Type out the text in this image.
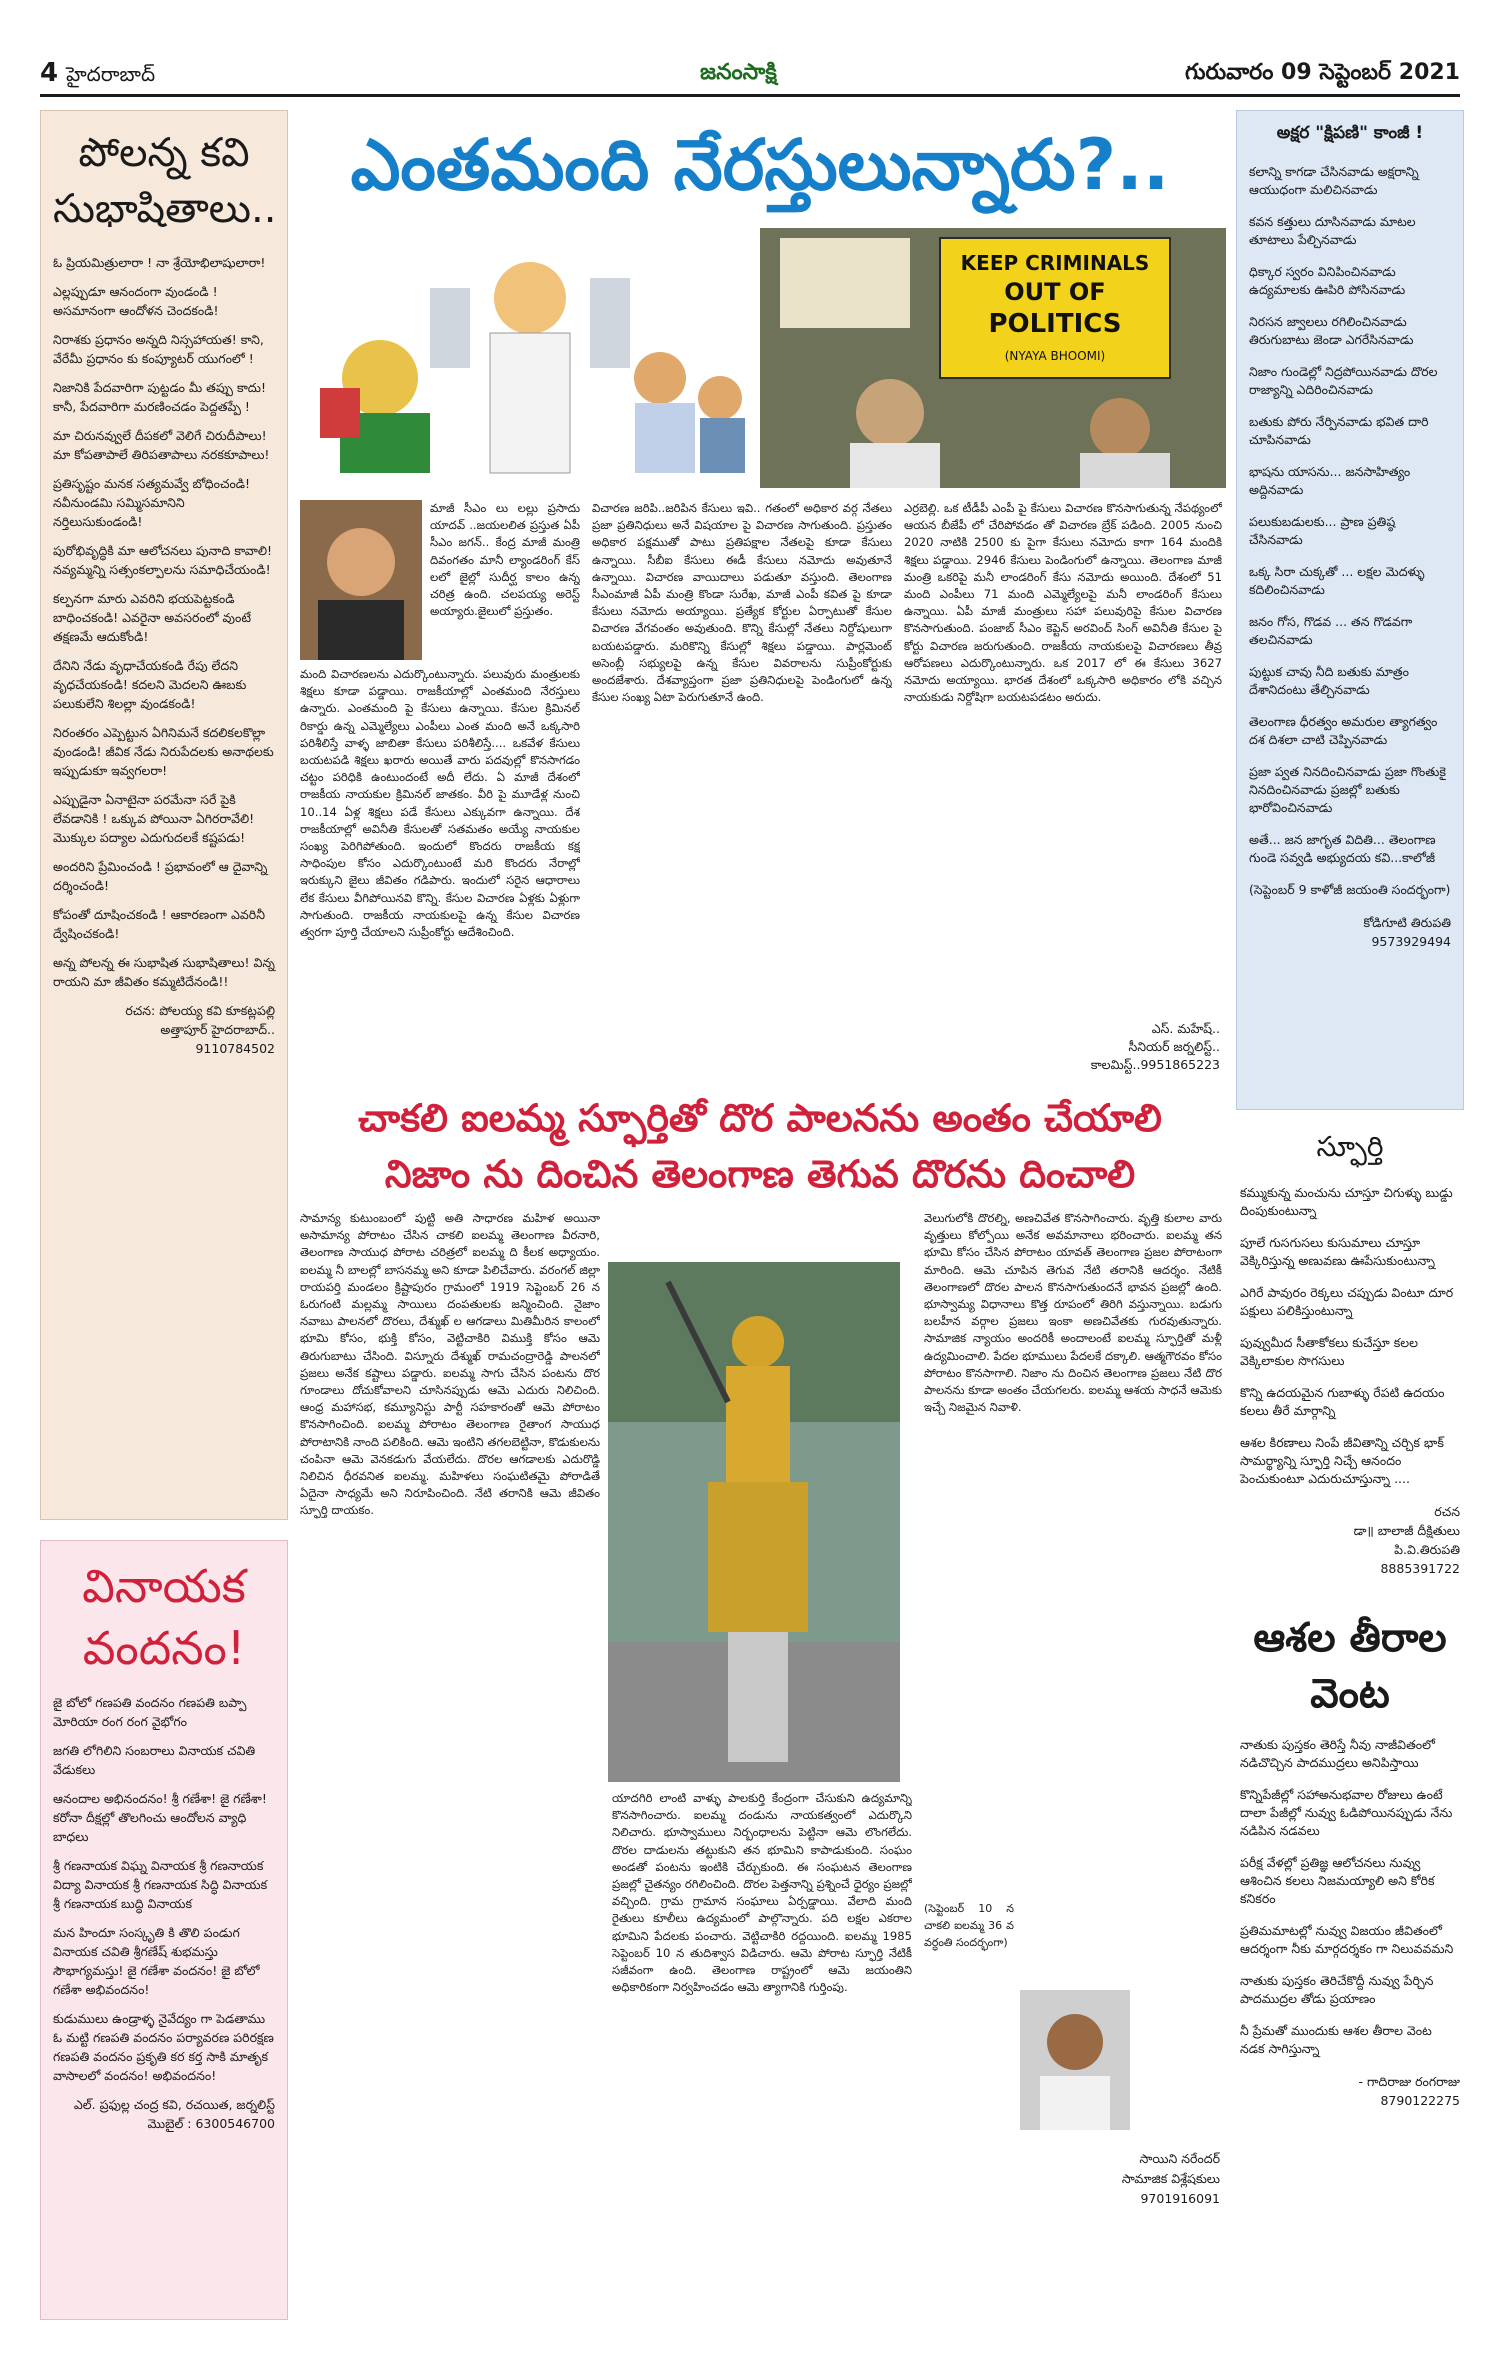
4 హైదరాబాద్	జనంసాక్షి	గురువారం 09 సెప్టెంబర్ 2021
పోలన్న కవి సుభాషితాలు..

ఓ ప్రియమిత్రులారా ! నా శ్రేయోభిలాషులారా!

ఎల్లప్పుడూ ఆనందంగా వుండండి ! అసమానంగా ఆందోళన చెందకండి!

నిరాశకు ప్రధానం అన్నది నిస్సహాయత! కాని, వేరేమీ ప్రధానం కు కంప్యూటర్ యుగంలో !

నిజానికి పేదవారిగా పుట్టడం మీ తప్పు కాదు! కానీ, పేదవారిగా మరణించడం పెద్దతప్పే !

మా చిరునవ్వులే దీపకలో వెలిగే చిరుదీపాలు! మా కోపతాపాలే తిరిపతాపాలు నరకకూపాలు!

ప్రతిసృష్టం మనక సత్యమవ్వే బోధించండి! నవీనుండమి సమ్మిసమానిని నర్తిలుసుకుండండి!

పురోభివృద్ధికి మా ఆలోచనలు పునాది కావాలి! నవ్యమ్మన్ని సత్సంకల్పాలను సమాధిచేయండి!

కల్పనగా మారు ఎవరిని భయపెట్టకండి బాధించకండి! ఎవరైనా అవసరంలో వుంటే తక్షణమే ఆదుకోండి!

దేనిని నేడు వృధాచేయకండి రేపు లేదని వృధచేయకండి! కదలని మెదలని ఊబకు పలుకులేని శిలల్లా వుండకండి!

నిరంతరం ఎప్పెట్టున ఏగినిమనే కదలికలకొల్లా వుండండి! జీవిక నేడు నిరుపేదలకు అనాథలకు ఇప్పుడుకూ ఇవ్వగలరా!

ఎప్పుడైనా ఏనాటైనా పరమేనా సరే పైకి లేవడానికి ! ఒక్కువ పోయినా ఏగిరరావేలి! మొక్కుల పద్యాల ఎదుగుదలకే కష్టపడు!

అందరిని ప్రేమించండి ! ప్రభావంలో ఆ దైవాన్ని దర్శించండి!

కోపంతో దూషించకండి ! ఆకారణంగా ఎవరినీ ద్వేషించకండి!

అన్న పోలన్న ఈ సుభాషిత సుభాషితాలు! విన్న రాయని మా జీవితం కమ్మటిదేనండి!!

రచన: పోలయ్య కవి కూకట్లపల్లి
అత్తాపూర్ హైదరాబాద్..
9110784502
వినాయక వందనం!

జై బోలో గణపతి వందనం గణపతి బప్పా మోరియా రంగ రంగ వైభోగం

జగతి లోగిలిని సంబరాలు వినాయక చవితి వేడుకలు

ఆనందాల అభినందనం! శ్రీ గణేశా! జై గణేశా! కరోనా దీక్షల్లో తొలగించు ఆందోలన వ్యాధి బాధలు

శ్రీ గణనాయక విఘ్న వినాయక శ్రీ గణనాయక విద్యా వినాయక శ్రీ గణనాయక సిద్ధి వినాయక శ్రీ గణనాయక బుద్ధి వినాయక

మన హిందూ సంస్కృతి కి తొలి పండుగ వినాయక చవితి శ్రీగణేష్ శుభమస్తు సౌభాగ్యమస్తు! జై గణేశా వందనం! జై బోలో గణేశా అభివందనం!

కుడుములు ఉండ్రాళ్ళ నైవేద్యం గా పెడతాము ఓ మట్టి గణపతి వందనం పర్యావరణ పరిరక్షణ గణపతి వందనం ప్రకృతి కర కర్త సాకి మాతృక వాసాలలో వందనం! అభివందనం!

ఎల్. ప్రఫుల్ల చంద్ర కవి, రచయిత, జర్నలిస్ట్
మొబైల్ : 6300546700
అక్షర "క్షిపణి" కాంజీ !

కలాన్ని కాగడా చేసినవాడు అక్షరాన్ని ఆయుధంగా మలిచినవాడు

కవన కత్తులు దూసినవాడు మాటల తూటాలు పేల్చినవాడు

ధిక్కార స్వరం వినిపించినవాడు ఉద్యమాలకు ఊపిరి పోసినవాడు

నిరసన జ్వాలలు రగిలించినవాడు తిరుగుబాటు జెండా ఎగరేసినవాడు

నిజాం గుండెల్లో నిద్రపోయినవాడు దొరల రాజ్యాన్ని ఎదిరించినవాడు

బతుకు పోరు నేర్పినవాడు భవిత దారి చూపినవాడు

భాషను యాసను... జనసాహిత్యం అద్దినవాడు

పలుకుబడులకు... ప్రాణ ప్రతిష్ఠ చేసినవాడు

ఒక్క సిరా చుక్కతో ... లక్షల మెదళ్ళు కదిలించినవాడు

జనం గోస, గొడవ ... తన గొడవగా తలచినవాడు

పుట్టుక చావు నీది బతుకు మాత్రం దేశానిదంటు తేల్చినవాడు

తెలంగాణ ధీరత్వం అమరుల త్యాగత్వం దశ దిశలా చాటి చెప్పినవాడు

ప్రజా ప్వత నినదించినవాడు ప్రజా గొంతుకై నినదించినవాడు ప్రజల్లో బతుకు భారోవించినవాడు

అతే... జన జాగృత విదితి... తెలంగాణ గుండె సవ్వడి అభ్యుదయ కవి...కాలోజీ

(సెప్టెంబర్ 9 కాళోజీ జయంతి సందర్భంగా)

కోడిగూటి తిరుపతి
9573929494
స్ఫూర్తి

కమ్ముకున్న మంచును చూస్తూ చిగుళ్ళు బుడ్డు దింపుకుంటున్నా

పూలే గుసగుసలు కుసుమాలు చూస్తూ వెక్కిరిస్తున్న అణువణు ఊపేసుకుంటున్నా

ఎగిరే పావురం రెక్కలు చప్పుడు వింటూ దూర పక్షులు పలికిస్తుంటున్నా

పువ్వుమీద సీతాకోకలు కుచేస్తూ కలల వెక్కిలాకుల సొగసులు

కొన్ని ఉదయమైన గుబాళ్ళు రేపటి ఉదయం కలలు తీరే మార్గాన్ని

ఆశల కిరణాలు నింపే జీవితాన్ని చర్చిక భాక్ సామర్థ్యాన్ని స్ఫూర్తి నిచ్చే ఆనందం పెంచుకుంటూ ఎదురుచూస్తున్నా ....

రచన
డా॥ బాలాజీ దీక్షితులు
పి.వి.తిరుపతి
8885391722
ఆశల తీరాల వెంట

నాతుకు పుస్తకం తెరిస్తే నీవు నాజీవితంలో నడిచొచ్చిన పాదముద్రలు అనిపిస్తాయి

కొన్నిపేజీల్లో సహాఅనుభవాల రోజులు ఉంటే దాలా పేజీల్లో నువ్వు ఓడిపోయినప్పుడు నేను నడిపిన నడవలు

పరీక్ష వేళల్లో ప్రతిజ్ఞ ఆలోచనలు నువ్వు ఆశించిన కలలు నిజమయ్యాలి అని కోరిక కనికరం

ప్రతిమమాటల్లో నువ్వు విజయం జీవితంలో ఆదర్శంగా నీకు మార్గదర్శకం గా నిలువవమని

నాతుకు పుస్తకం తెరిచేకొద్దీ నువ్వు పేర్చిన పాదముద్రల తోడు ప్రయాణం

నీ ప్రేమతో ముందుకు ఆశల తీరాల వెంట నడక సాగిస్తున్నా

- గాదిరాజు రంగరాజు
8790122275
ఎంతమంది నేరస్తులున్నారు?..
KEEP CRIMINALS
OUT OF
POLITICS
(NYAYA BHOOMI)
మాజీ సీఎం లు లల్లు ప్రసాదు యాదవ్ ..జయలలిత ప్రస్తుత ఏపీ సీఎం జగన్.. కేంద్ర మాజీ మంత్రి దివంగతం మానీ ల్యాండరింగ్ కేస్ లలో జైల్లో సుదీర్ఘ కాలం ఉన్న చరిత్ర ఉంది. చలపయ్య అరెస్ట్ అయ్యారు.జైలులో ప్రస్తుతం.
మంది విచారణలను ఎదుర్కొంటున్నారు. పలువురు మంత్రులకు శిక్షలు కూడా పడ్డాయి. రాజకీయాల్లో ఎంతమంది నేరస్తులు ఉన్నారు. ఎంతమంది పై కేసులు ఉన్నాయి. కేసుల క్రిమినల్ రికార్డు ఉన్న ఎమ్మెల్యేలు ఎంపీలు ఎంత మంది అనే ఒక్కసారి పరిశీలిస్తే వాళ్ళ జాబితా కేసులు పరిశీలిస్తే.... ఒకవేళ కేసులు బయటపడి శిక్షలు ఖరారు అయితే వారు పదవుల్లో కొనసాగడం చట్టం పరిధికి ఉంటుందంటే అదీ లేదు. ఏ మాజీ దేశంలో రాజకీయ నాయకుల క్రిమినల్ జాతకం. వీరి పై మూడేళ్ల నుంచి 10..14 ఏళ్ల శిక్షలు పడే కేసులు ఎక్కువగా ఉన్నాయి. దేశ రాజకీయాల్లో అవినీతి కేసులతో సతమతం అయ్యే నాయకుల సంఖ్య పెరిగిపోతుంది. ఇందులో కొందరు రాజకీయ కక్ష సాధింపుల కోసం ఎదుర్కొంటుంటే మరి కొందరు నేరాల్లో ఇరుక్కుని జైలు జీవితం గడిపారు. ఇందులో సరైన ఆధారాలు లేక కేసులు వీగిపోయినవి కొన్ని. కేసుల విచారణ ఏళ్లకు ఏళ్లుగా సాగుతుంది. రాజకీయ నాయకులపై ఉన్న కేసుల విచారణ త్వరగా పూర్తి చేయాలని సుప్రీంకోర్టు ఆదేశించింది.
విచారణ జరిపి..జరిపిన కేసులు ఇవి.. గతంలో అధికార వర్గ నేతలు ప్రజా ప్రతినిధులు అనే విషయాల పై విచారణ సాగుతుంది. ప్రస్తుతం అధికార పక్షముతో పాటు ప్రతిపక్షాల నేతలపై కూడా కేసులు ఉన్నాయి. సీబీఐ కేసులు ఈడీ కేసులు నమోదు అవుతూనే ఉన్నాయి. విచారణ వాయిదాలు పడుతూ వస్తుంది. తెలంగాణ సీఎంమాజీ ఏపీ మంత్రి కొండా సురేఖ, మాజీ ఎంపీ కవిత పై కూడా కేసులు నమోదు అయ్యాయి. ప్రత్యేక కోర్టుల ఏర్పాటుతో కేసుల విచారణ వేగవంతం అవుతుంది. కొన్ని కేసుల్లో నేతలు నిర్దోషులుగా బయటపడ్డారు. మరికొన్ని కేసుల్లో శిక్షలు పడ్డాయి. పార్లమెంట్ అసెంబ్లీ సభ్యులపై ఉన్న కేసుల వివరాలను సుప్రీంకోర్టుకు అందజేశారు. దేశవ్యాప్తంగా ప్రజా ప్రతినిధులపై పెండింగులో ఉన్న కేసుల సంఖ్య ఏటా పెరుగుతూనే ఉంది.
ఎర్రబెల్లి. ఒక టీడీపీ ఎంపీ పై కేసులు విచారణ కొనసాగుతున్న నేపథ్యంలో ఆయన బీజేపీ లో చేరిపోవడం తో విచారణ బ్రేక్ పడింది. 2005 నుంచి 2020 నాటికి 2500 కు పైగా కేసులు నమోదు కాగా 164 మందికి శిక్షలు పడ్డాయి. 2946 కేసులు పెండింగులో ఉన్నాయి. తెలంగాణ మాజీ మంత్రి ఒకరిపై మనీ లాండరింగ్ కేసు నమోదు అయింది. దేశంలో 51 మంది ఎంపీలు 71 మంది ఎమ్మెల్యేలపై మనీ లాండరింగ్ కేసులు ఉన్నాయి. ఏపీ మాజీ మంత్రులు సహా పలువురిపై కేసుల విచారణ కొనసాగుతుంది. పంజాబ్ సీఎం కెప్టెన్ అరవింద్ సింగ్ అవినీతి కేసుల పై కోర్టు విచారణ జరుగుతుంది. రాజకీయ నాయకులపై విచారణలు తీవ్ర ఆరోపణలు ఎదుర్కొంటున్నారు. ఒక 2017 లో ఈ కేసులు 3627 నమోదు అయ్యాయి. భారత దేశంలో ఒక్కసారి అధికారం లోకి వచ్చిన నాయకుడు నిర్దోషిగా బయటపడటం అరుదు.
ఎస్. మహేష్..
సీనియర్ జర్నలిస్ట్..
కాలమిస్ట్..9951865223
చాకలి ఐలమ్మ స్ఫూర్తితో దొర పాలనను అంతం చేయాలి
నిజాం ను దించిన తెలంగాణ తెగువ దొరను దించాలి
సామాన్య కుటుంబంలో పుట్టి అతి సాధారణ మహిళ అయినా అసామాన్య పోరాటం చేసిన చాకలి ఐలమ్మ తెలంగాణ వీరనారి, తెలంగాణ సాయుధ పోరాట చరిత్రలో ఐలమ్మ ది కీలక అధ్యాయం. ఐలమ్మ నీ బాలల్లో బాసనమ్మ అని కూడా పిలిచేవారు. వరంగల్ జిల్లా రాయపర్తి మండలం క్రిష్టాపురం గ్రామంలో 1919 సెప్టెంబర్ 26 న ఓరుగంటి మల్లమ్మ సాయిలు దంపతులకు జన్మించింది. నైజాం నవాబు పాలనలో దొరలు, దేశ్ముఖ్ ల ఆగడాలు మితిమీరిన కాలంలో భూమి కోసం, భుక్తి కోసం, వెట్టిచాకిరి విముక్తి కోసం ఆమె తిరుగుబాటు చేసింది. విస్నూరు దేశ్ముఖ్ రామచంద్రారెడ్డి పాలనలో ప్రజలు అనేక కష్టాలు పడ్డారు. ఐలమ్మ సాగు చేసిన పంటను దొర గూండాలు దోచుకోవాలని చూసినప్పుడు ఆమె ఎదురు నిలిచింది. ఆంధ్ర మహాసభ, కమ్యూనిస్టు పార్టీ సహకారంతో ఆమె పోరాటం కొనసాగించింది. ఐలమ్మ పోరాటం తెలంగాణ రైతాంగ సాయుధ పోరాటానికి నాంది పలికింది. ఆమె ఇంటిని తగలబెట్టినా, కొడుకులను చంపినా ఆమె వెనకడుగు వేయలేదు. దొరల ఆగడాలకు ఎదురొడ్డి నిలిచిన ధీరవనిత ఐలమ్మ. మహిళలు సంఘటితమై పోరాడితే ఏదైనా సాధ్యమే అని నిరూపించింది. నేటి తరానికి ఆమె జీవితం స్ఫూర్తి దాయకం.
యాదగిరి లాంటి వాళ్ళు పాలకుర్తి కేంద్రంగా చేసుకుని ఉద్యమాన్ని కొనసాగించారు. ఐలమ్మ దండును నాయకత్వంలో ఎదుర్కొని నిలిచారు. భూస్వాములు నిర్బంధాలను పెట్టినా ఆమె లొంగలేదు. దొరల దాడులను తట్టుకుని తన భూమిని కాపాడుకుంది. సంఘం అండతో పంటను ఇంటికి చేర్చుకుంది. ఈ సంఘటన తెలంగాణ ప్రజల్లో చైతన్యం రగిలించింది. దొరల పెత్తనాన్ని ప్రశ్నించే ధైర్యం ప్రజల్లో వచ్చింది. గ్రామ గ్రామాన సంఘాలు ఏర్పడ్డాయి. వేలాది మంది రైతులు కూలీలు ఉద్యమంలో పాల్గొన్నారు. పది లక్షల ఎకరాల భూమిని పేదలకు పంచారు. వెట్టిచాకిరి రద్దయింది. ఐలమ్మ 1985 సెప్టెంబర్ 10 న తుదిశ్వాస విడిచారు. ఆమె పోరాట స్ఫూర్తి నేటికీ సజీవంగా ఉంది. తెలంగాణ రాష్ట్రంలో ఆమె జయంతిని అధికారికంగా నిర్వహించడం ఆమె త్యాగానికి గుర్తింపు.
వెలుగులోకి దొరల్ని, అణచివేత కొనసాగించారు. వృత్తి కులాల వారు వృత్తులు కోల్పోయి అనేక అవమానాలు భరించారు. ఐలమ్మ తన భూమి కోసం చేసిన పోరాటం యావత్ తెలంగాణ ప్రజల పోరాటంగా మారింది. ఆమె చూపిన తెగువ నేటి తరానికి ఆదర్శం. నేటికీ తెలంగాణలో దొరల పాలన కొనసాగుతుందనే భావన ప్రజల్లో ఉంది. భూస్వామ్య విధానాలు కొత్త రూపంలో తిరిగి వస్తున్నాయి. బడుగు బలహీన వర్గాల ప్రజలు ఇంకా అణచివేతకు గురవుతున్నారు. సామాజిక న్యాయం అందరికీ అందాలంటే ఐలమ్మ స్ఫూర్తితో మళ్లీ ఉద్యమించాలి. పేదల భూములు పేదలకే దక్కాలి. ఆత్మగౌరవం కోసం పోరాటం కొనసాగాలి. నిజాం ను దించిన తెలంగాణ ప్రజలు నేటి దొర పాలనను కూడా అంతం చేయగలరు. ఐలమ్మ ఆశయ సాధనే ఆమెకు ఇచ్చే నిజమైన నివాళి.
(సెప్టెంబర్ 10 న చాకలి ఐలమ్మ 36 వ వర్ధంతి సందర్భంగా)
సాయిని నరేందర్
సామాజిక విశ్లేషకులు
9701916091
